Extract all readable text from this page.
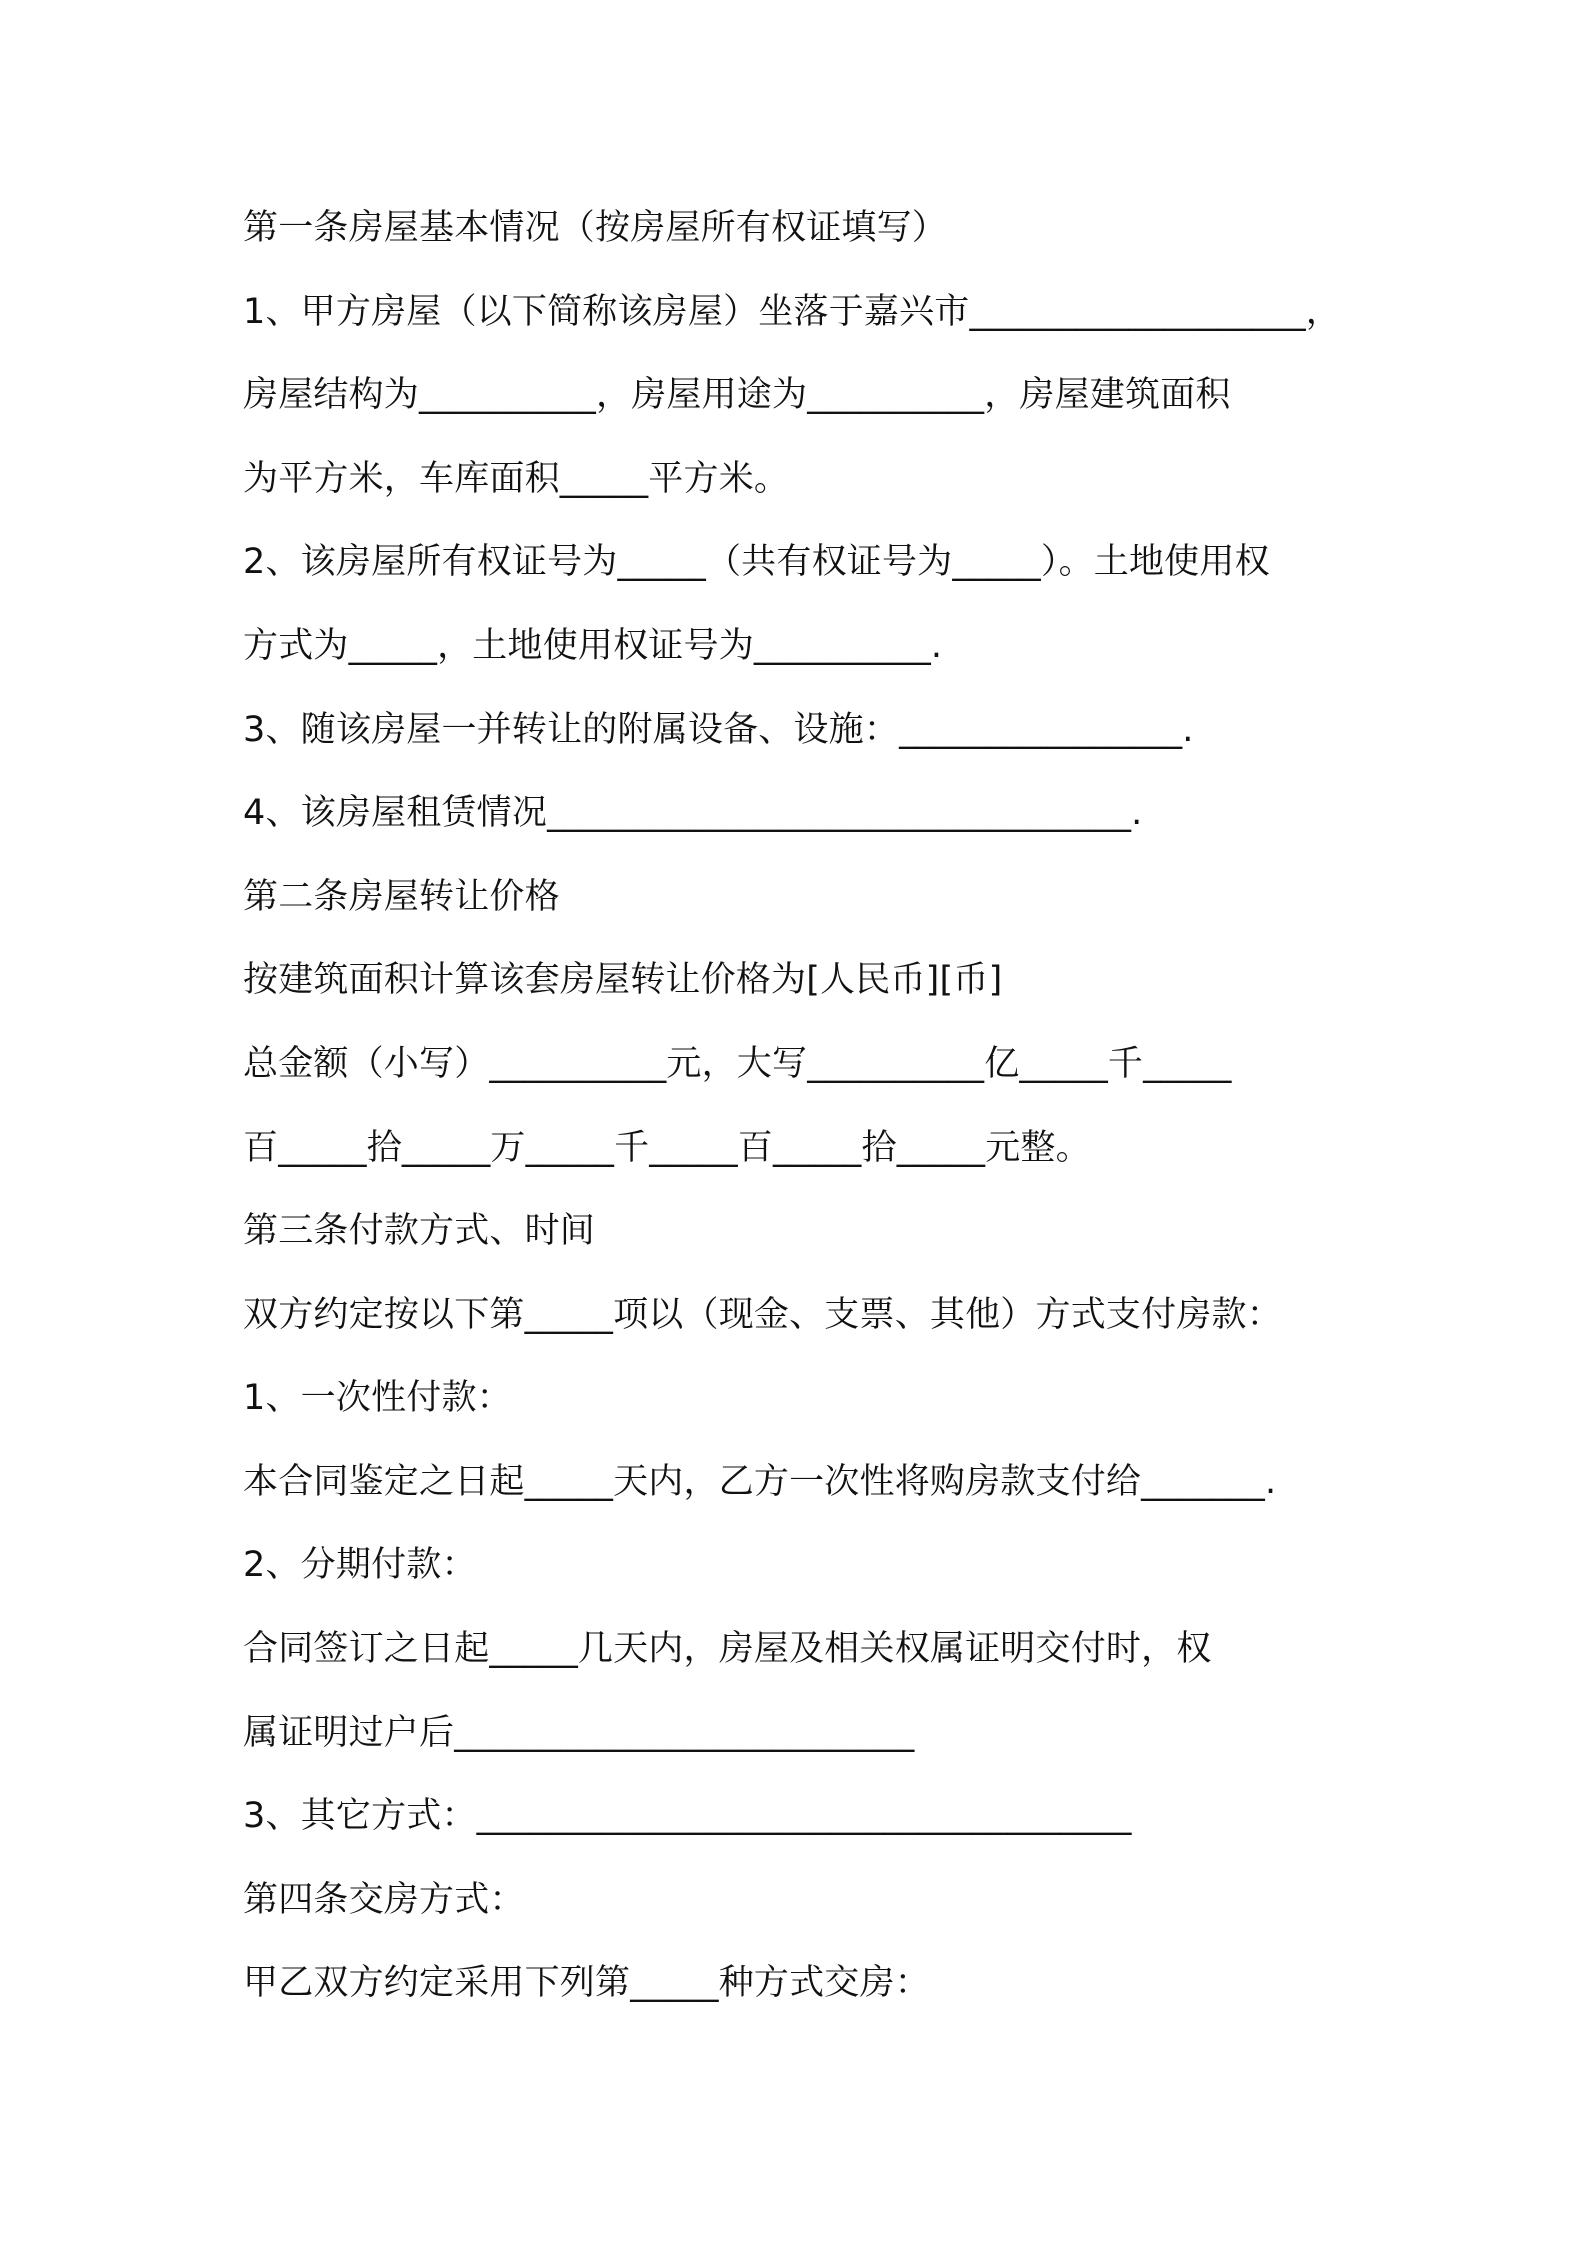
第一条房屋基本情况（按房屋所有权证填写）
1、甲方房屋（以下简称该房屋）坐落于嘉兴市___________________，
房屋结构为__________，房屋用途为__________，房屋建筑面积
为平方米，车库面积_____平方米。
2、该房屋所有权证号为_____（共有权证号为_____）。土地使用权
方式为_____，土地使用权证号为__________.
3、随该房屋一并转让的附属设备、设施：________________.
4、该房屋租赁情况_________________________________.
第二条房屋转让价格
按建筑面积计算该套房屋转让价格为[人民币][币]
总金额（小写）__________元，大写__________亿_____千_____
百_____拾_____万_____千_____百_____拾_____元整。
第三条付款方式、时间
双方约定按以下第_____项以（现金、支票、其他）方式支付房款：
1、一次性付款：
本合同鉴定之日起_____天内，乙方一次性将购房款支付给_______.
2、分期付款：
合同签订之日起_____几天内，房屋及相关权属证明交付时，权
属证明过户后__________________________
3、其它方式：_____________________________________
第四条交房方式：
甲乙双方约定采用下列第_____种方式交房：
